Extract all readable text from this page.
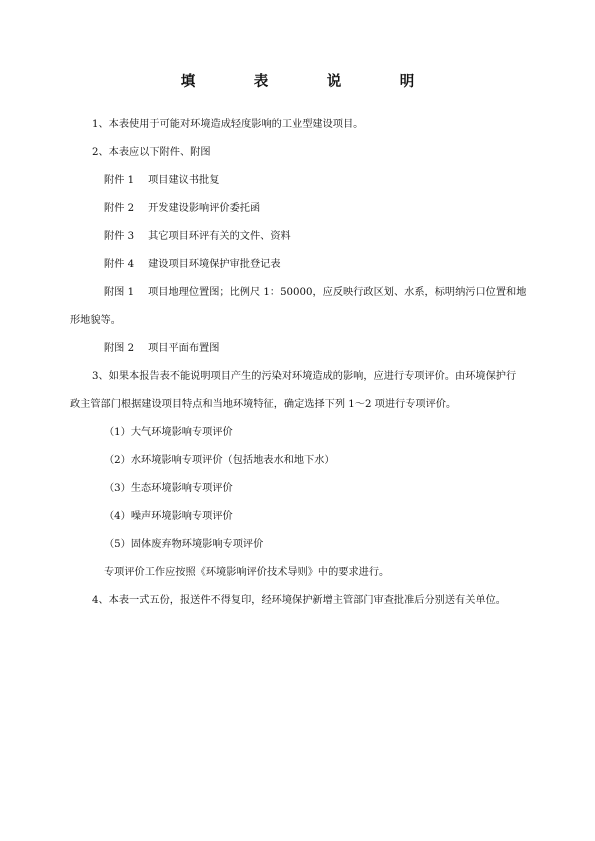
填　表　说　明
1、本表使用于可能对环境造成轻度影响的工业型建设项目。
2、本表应以下附件、附图
附件 1 项目建议书批复
附件 2 开发建设影响评价委托函
附件 3 其它项目环评有关的文件、资料
附件 4 建设项目环境保护审批登记表
附图 1 项目地理位置图；比例尺 1：50000，应反映行政区划、水系，标明纳污口位置和地
形地貌等。
附图 2 项目平面布置图
3、如果本报告表不能说明项目产生的污染对环境造成的影响，应进行专项评价。由环境保护行
政主管部门根据建设项目特点和当地环境特征，确定选择下列 1～2 项进行专项评价。
（1）大气环境影响专项评价
（2）水环境影响专项评价（包括地表水和地下水）
（3）生态环境影响专项评价
（4）噪声环境影响专项评价
（5）固体废弃物环境影响专项评价
专项评价工作应按照《环境影响评价技术导则》中的要求进行。
4、本表一式五份，报送件不得复印，经环境保护新增主管部门审查批准后分别送有关单位。
